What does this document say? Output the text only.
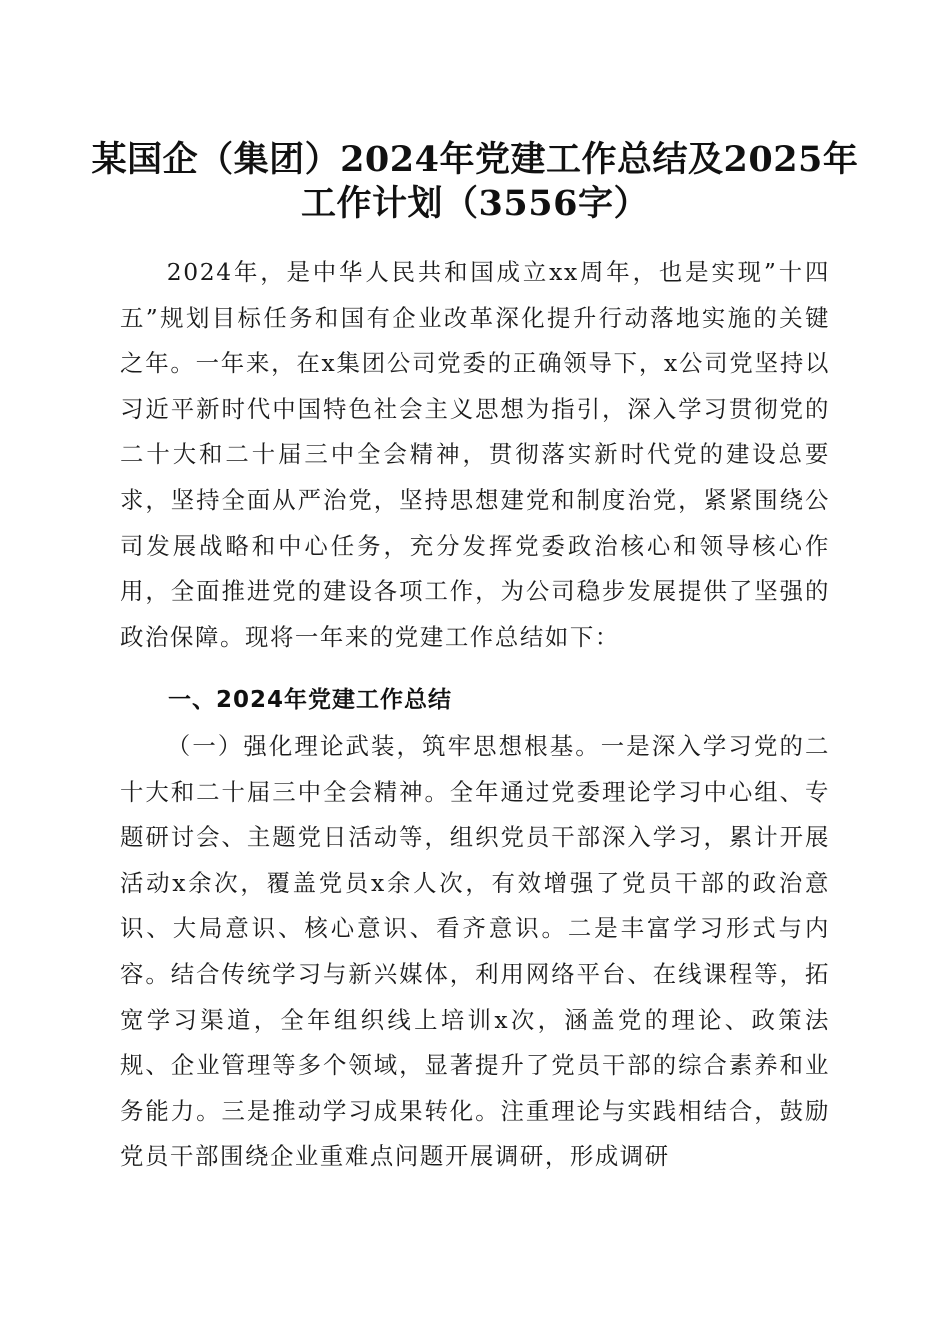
某国企（集团）2024年党建工作总结及2025年工作计划（3556字）

2024年，是中华人民共和国成立xx周年，也是实现”十四五”规划目标任务和国有企业改革深化提升行动落地实施的关键之年。一年来，在x集团公司党委的正确领导下，x公司党坚持以习近平新时代中国特色社会主义思想为指引，深入学习贯彻党的二十大和二十届三中全会精神，贯彻落实新时代党的建设总要求，坚持全面从严治党，坚持思想建党和制度治党，紧紧围绕公司发展战略和中心任务，充分发挥党委政治核心和领导核心作用，全面推进党的建设各项工作，为公司稳步发展提供了坚强的政治保障。现将一年来的党建工作总结如下：

一、2024年党建工作总结

（一）强化理论武装，筑牢思想根基。一是深入学习党的二十大和二十届三中全会精神。全年通过党委理论学习中心组、专题研讨会、主题党日活动等，组织党员干部深入学习，累计开展活动x余次，覆盖党员x余人次，有效增强了党员干部的政治意识、大局意识、核心意识、看齐意识。二是丰富学习形式与内容。结合传统学习与新兴媒体，利用网络平台、在线课程等，拓宽学习渠道，全年组织线上培训x次，涵盖党的理论、政策法规、企业管理等多个领域，显著提升了党员干部的综合素养和业务能力。三是推动学习成果转化。注重理论与实践相结合，鼓励党员干部围绕企业重难点问题开展调研，形成调研
